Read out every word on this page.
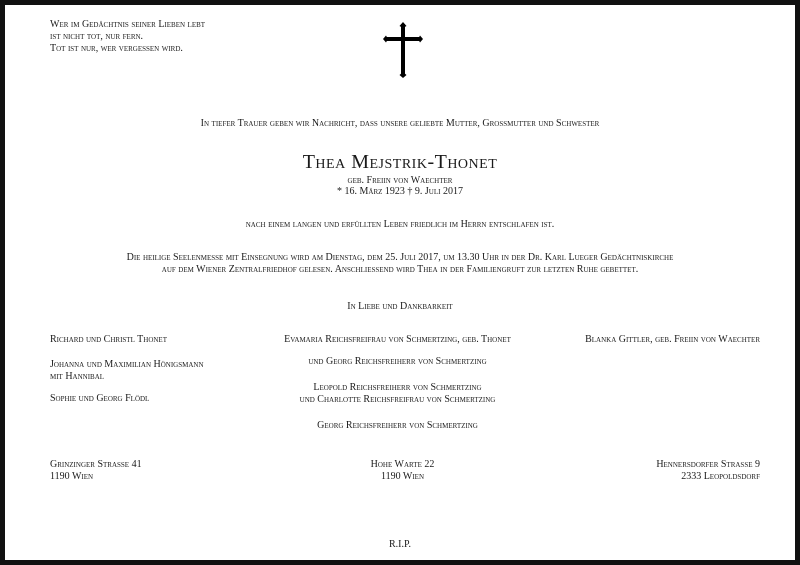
Wer im Gedächtnis seiner Lieben lebt
ist nicht tot, nur fern.
Tot ist nur, wer vergessen wird.
In tiefer Trauer geben wir Nachricht, dass unsere geliebte Mutter, Grossmutter und Schwester
Thea Mejstrik-Thonet
geb. Freiin von Waechter
* 16. März 1923 † 9. Juli 2017
nach einem langen und erfüllten Leben friedlich im Herrn entschlafen ist.
Die heilige Seelenmesse mit Einsegnung wird am Dienstag, dem 25. Juli 2017, um 13.30 Uhr in der Dr. Karl Lueger Gedächtniskirche
auf dem Wiener Zentralfriedhof gelesen. Anschliessend wird Thea in der Familiengruft zur letzten Ruhe gebettet.
In Liebe und Dankbarkeit
Richard und Christl Thonet
Johanna und Maximilian Hönigsmann
mit Hannibal
Sophie und Georg Flödl
Evamaria Reichsfreifrau von Schmertzing, geb. Thonet
und Georg Reichsfreiherr von Schmertzing
Leopold Reichsfreiherr von Schmertzing
und Charlotte Reichsfreifrau von Schmertzing
Georg Reichsfreiherr von Schmertzing
Blanka Gittler, geb. Freiin von Waechter
Grinzinger Strasse 41
1190 Wien
Hohe Warte 22
1190 Wien
Hennersdorfer Strasse 9
2333 Leopoldsdorf
R.I.P.
